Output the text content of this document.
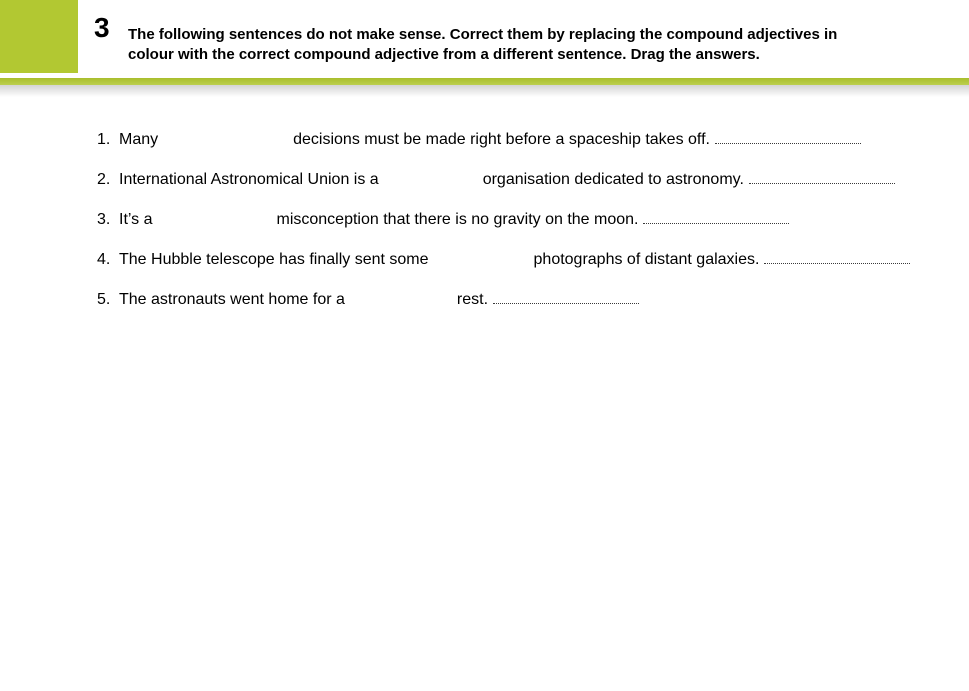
3 The following sentences do not make sense. Correct them by replacing the compound adjectives in
colour with the correct compound adjective from a different sentence. Drag the answers.
1. Many	decisions must be made right before a spaceship takes off.
2. International Astronomical Union is a	organisation dedicated to astronomy.
3. It’s a	misconception that there is no gravity on the moon.
4. The Hubble telescope has finally sent some	photographs of distant galaxies.
5. The astronauts went home for a	rest.
